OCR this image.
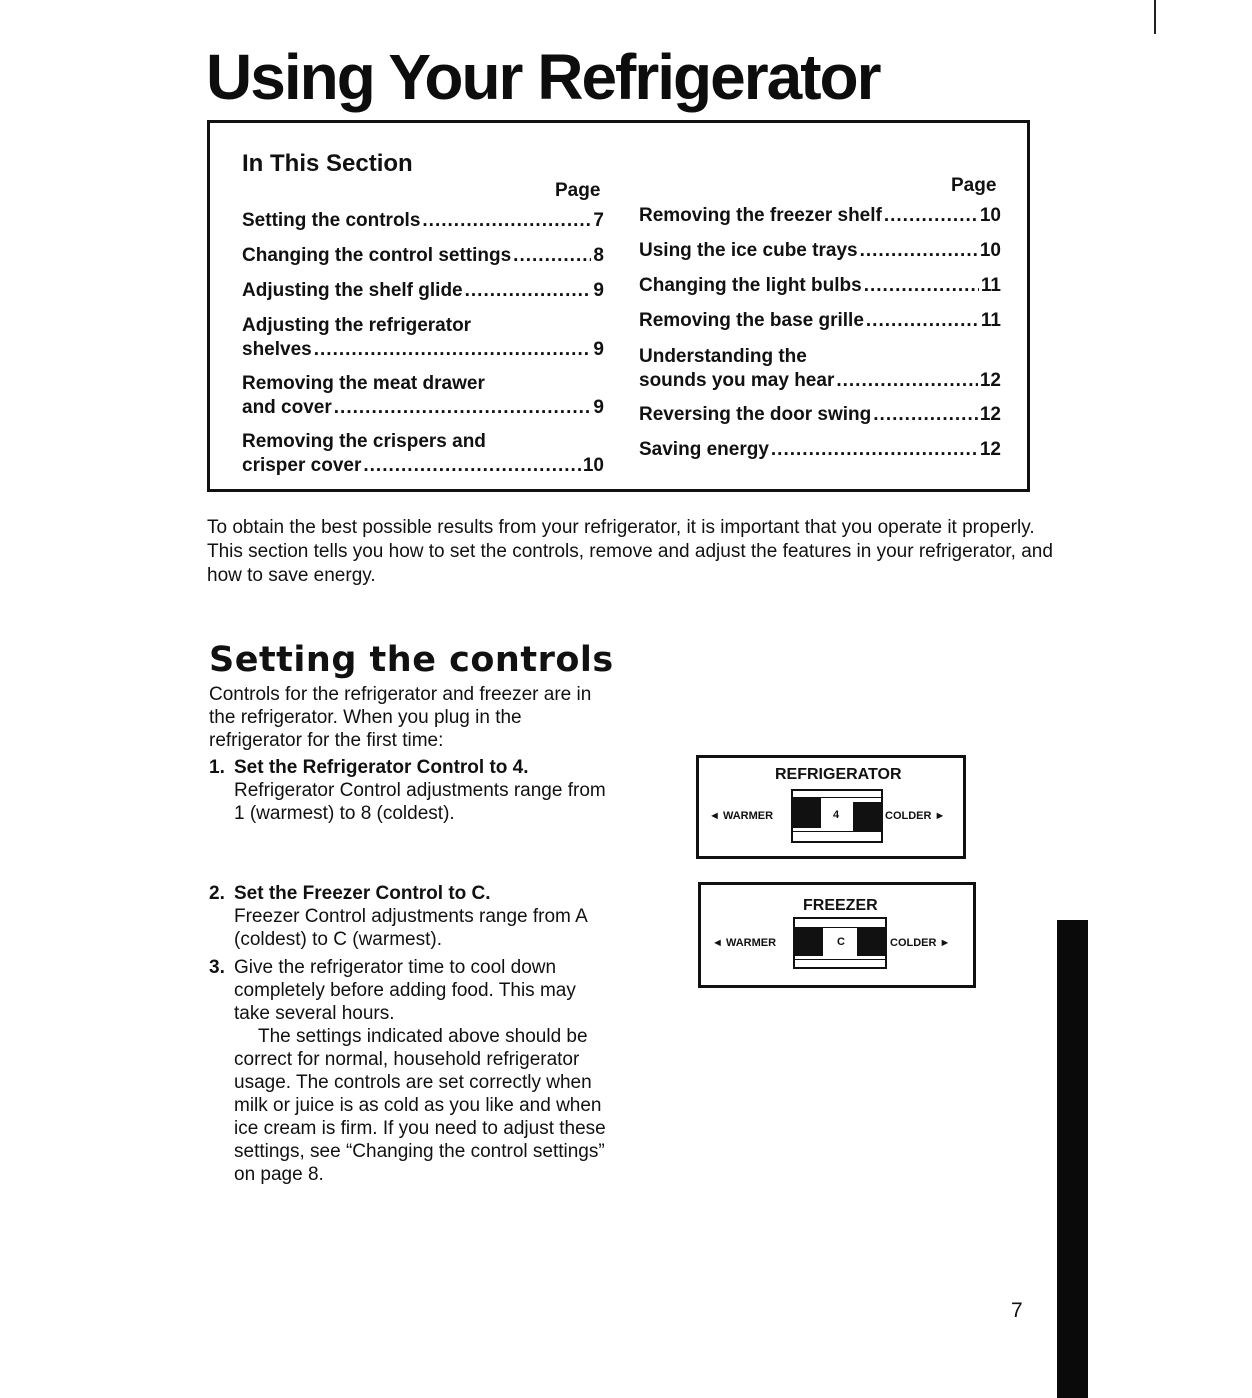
Using Your Refrigerator
In This Section
Page	Page
Setting the controls .....	7
Changing the control settings .....	8
Adjusting the shelf glide .....	9
Adjusting the refrigerator
shelves .....	9
Removing the meat drawer
and cover .....	9
Removing the crispers and
crisper cover .....	10
Removing the freezer shelf .....	10
Using the ice cube trays .....	10
Changing the light bulbs .....	11
Removing the base grille .....	11
Understanding the
sounds you may hear .....	12
Reversing the door swing .....	12
Saving energy .....	12
To obtain the best possible results from your refrigerator, it is important that you operate it properly. This section tells you how to set the controls, remove and adjust the features in your refrigerator, and how to save energy.
Setting the controls
Controls for the refrigerator and freezer are in the refrigerator. When you plug in the refrigerator for the first time:
1. Set the Refrigerator Control to 4.
Refrigerator Control adjustments range from 1 (warmest) to 8 (coldest).
2. Set the Freezer Control to C.
Freezer Control adjustments range from A (coldest) to C (warmest).
3. Give the refrigerator time to cool down completely before adding food. This may take several hours.
The settings indicated above should be correct for normal, household refrigerator usage. The controls are set correctly when milk or juice is as cold as you like and when ice cream is firm. If you need to adjust these settings, see “Changing the control settings” on page 8.
REFRIGERATOR
◄ WARMER	COLDER ►
4
FREEZER
◄ WARMER	COLDER ►
C
7
